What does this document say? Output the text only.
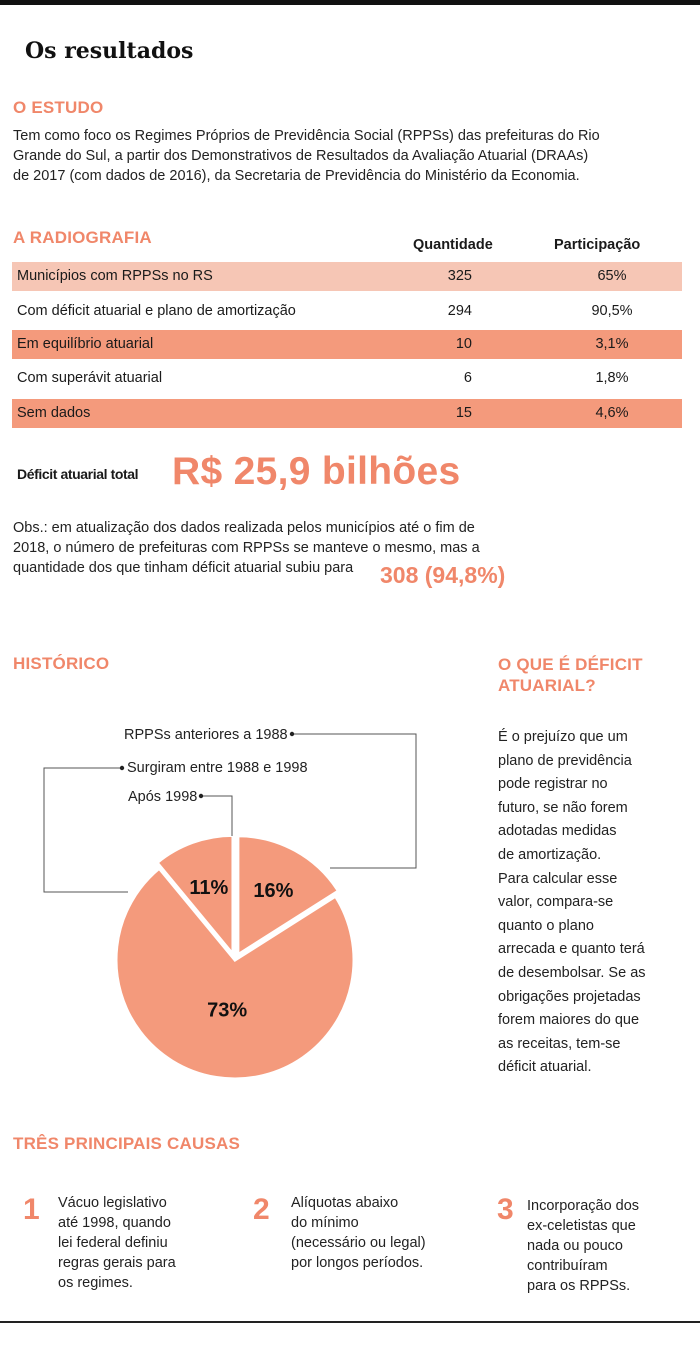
Os resultados
O ESTUDO
Tem como foco os Regimes Próprios de Previdência Social (RPPSs) das prefeituras do Rio
Grande do Sul, a partir dos Demonstrativos de Resultados da Avaliação Atuarial (DRAAs)
de 2017 (com dados de 2016), da Secretaria de Previdência do Ministério da Economia.
A RADIOGRAFIA	Quantidade	Participação
Municípios com RPPSs no RS	325	65%
Com déficit atuarial e plano de amortização	294	90,5%
Em equilíbrio atuarial	10	3,1%
Com superávit atuarial	6	1,8%
Sem dados	15	4,6%
Déficit atuarial total R$ 25,9 bilhões
Obs.: em atualização dos dados realizada pelos municípios até o fim de
2018, o número de prefeituras com RPPSs se manteve o mesmo, mas a
quantidade dos que tinham déficit atuarial subiu para	308 (94,8%)
HISTÓRICO
16%
73%
11%
RPPSs anteriores a 1988
Surgiram entre 1988 e 1998
Após 1998
O QUE É DÉFICIT
ATUARIAL?
É o prejuízo que um
plano de previdência
pode registrar no
futuro, se não forem
adotadas medidas
de amortização.
Para calcular esse
valor, compara-se
quanto o plano
arrecada e quanto terá
de desembolsar. Se as
obrigações projetadas
forem maiores do que
as receitas, tem-se
déficit atuarial.
TRÊS PRINCIPAIS CAUSAS
1 Vácuo legislativo
até 1998, quando
lei federal definiu
regras gerais para
os regimes.
2 Alíquotas abaixo
do mínimo
(necessário ou legal)
por longos períodos.
3 Incorporação dos
ex-celetistas que
nada ou pouco
contribuíram
para os RPPSs.
